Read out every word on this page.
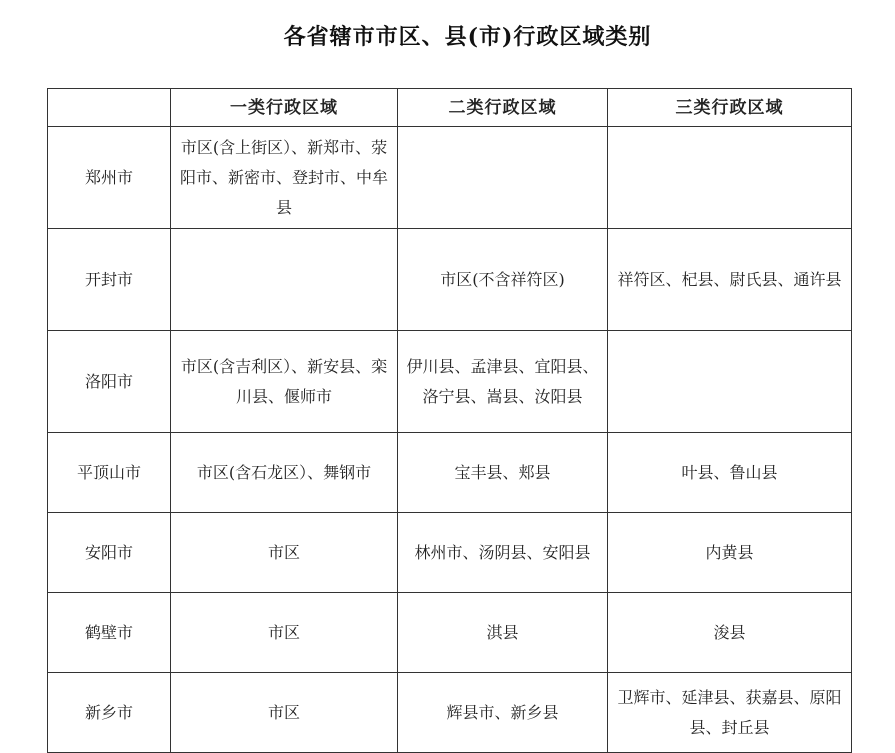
各省辖市市区、县(市)行政区域类别
	一类行政区域	二类行政区域	三类行政区域
郑州市	市区(含上街区）、新郑市、荥阳市、新密市、登封市、中牟县		
开封市		市区(不含祥符区)	祥符区、杞县、尉氏县、通许县
洛阳市	市区(含吉利区）、新安县、栾川县、偃师市	伊川县、孟津县、宜阳县、洛宁县、嵩县、汝阳县	
平顶山市	市区(含石龙区）、舞钢市	宝丰县、郏县	叶县、鲁山县
安阳市	市区	林州市、汤阴县、安阳县	内黄县
鹤壁市	市区	淇县	浚县
新乡市	市区	辉县市、新乡县	卫辉市、延津县、获嘉县、原阳县、封丘县
